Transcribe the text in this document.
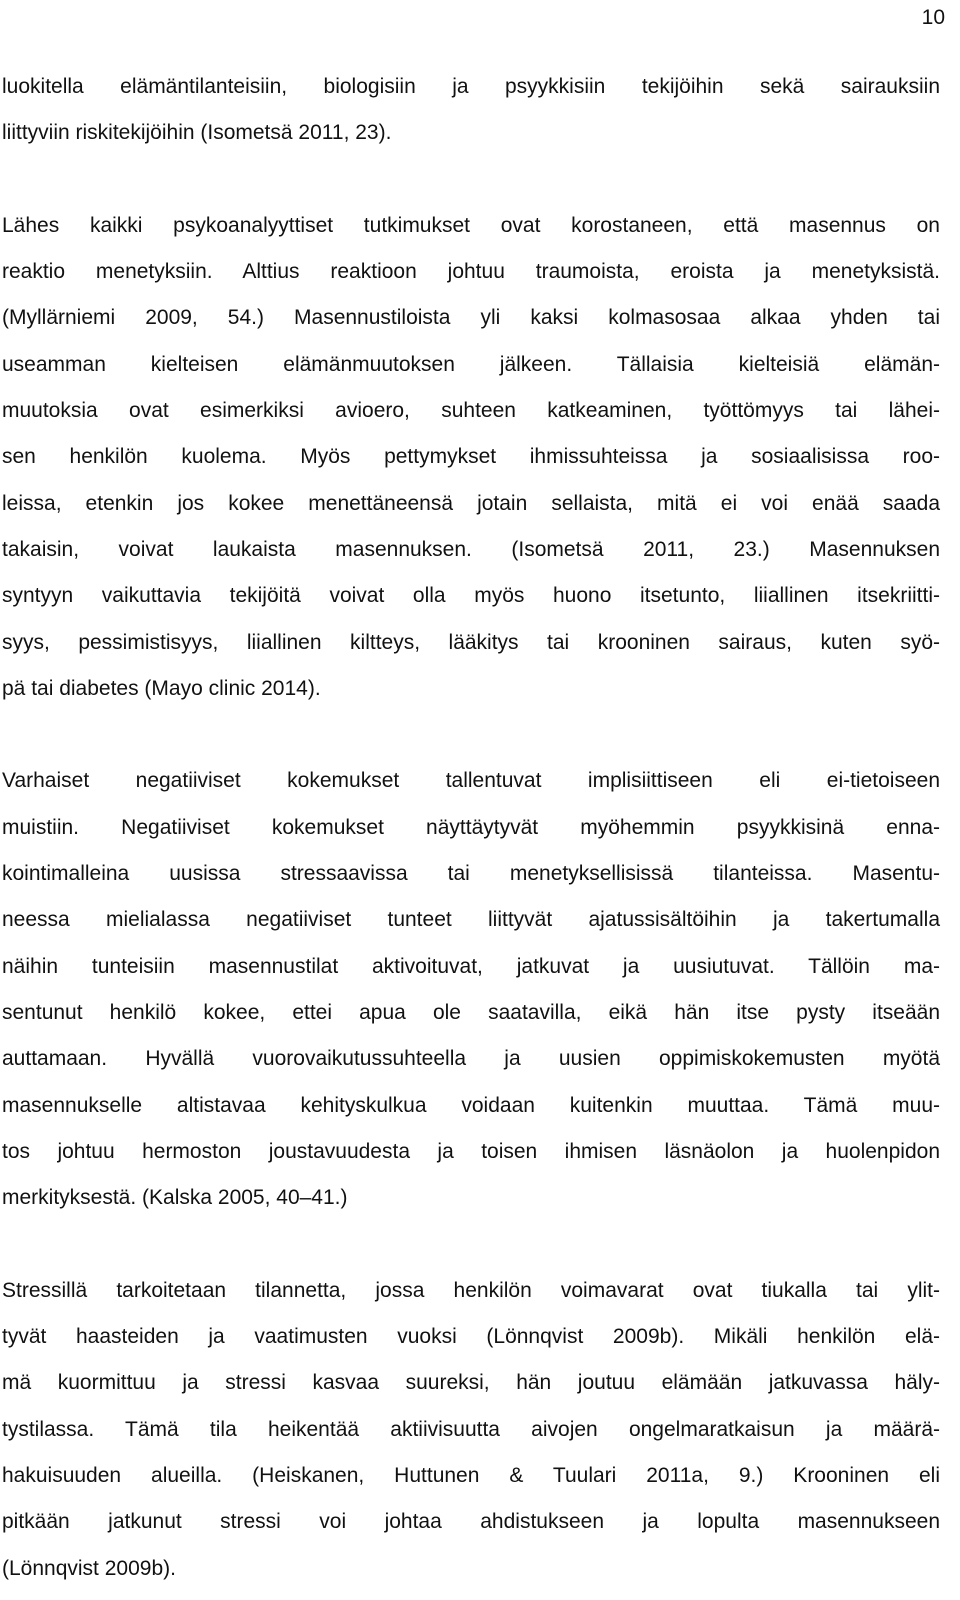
10
luokitella elämäntilanteisiin, biologisiin ja psyykkisiin tekijöihin sekä sairauksiin
liittyviin riskitekijöihin (Isometsä 2011, 23).
Lähes kaikki psykoanalyyttiset tutkimukset ovat korostaneen, että masennus on
reaktio menetyksiin. Alttius reaktioon johtuu traumoista, eroista ja menetyksistä.
(Myllärniemi 2009, 54.) Masennustiloista yli kaksi kolmasosaa alkaa yhden tai
useamman kielteisen elämänmuutoksen jälkeen. Tällaisia kielteisiä elämän-
muutoksia ovat esimerkiksi avioero, suhteen katkeaminen, työttömyys tai lähei-
sen henkilön kuolema. Myös pettymykset ihmissuhteissa ja sosiaalisissa roo-
leissa, etenkin jos kokee menettäneensä jotain sellaista, mitä ei voi enää saada
takaisin, voivat laukaista masennuksen. (Isometsä 2011, 23.) Masennuksen
syntyyn vaikuttavia tekijöitä voivat olla myös huono itsetunto, liiallinen itsekriitti-
syys, pessimistisyys, liiallinen kiltteys, lääkitys tai krooninen sairaus, kuten syö-
pä tai diabetes (Mayo clinic 2014).
Varhaiset negatiiviset kokemukset tallentuvat implisiittiseen eli ei-tietoiseen
muistiin. Negatiiviset kokemukset näyttäytyvät myöhemmin psyykkisinä enna-
kointimalleina uusissa stressaavissa tai menetyksellisissä tilanteissa. Masentu-
neessa mielialassa negatiiviset tunteet liittyvät ajatussisältöihin ja takertumalla
näihin tunteisiin masennustilat aktivoituvat, jatkuvat ja uusiutuvat. Tällöin ma-
sentunut henkilö kokee, ettei apua ole saatavilla, eikä hän itse pysty itseään
auttamaan. Hyvällä vuorovaikutussuhteella ja uusien oppimiskokemusten myötä
masennukselle altistavaa kehityskulkua voidaan kuitenkin muuttaa. Tämä muu-
tos johtuu hermoston joustavuudesta ja toisen ihmisen läsnäolon ja huolenpidon
merkityksestä. (Kalska 2005, 40–41.)
Stressillä tarkoitetaan tilannetta, jossa henkilön voimavarat ovat tiukalla tai ylit-
tyvät haasteiden ja vaatimusten vuoksi (Lönnqvist 2009b). Mikäli henkilön elä-
mä kuormittuu ja stressi kasvaa suureksi, hän joutuu elämään jatkuvassa häly-
tystilassa. Tämä tila heikentää aktiivisuutta aivojen ongelmaratkaisun ja määrä-
hakuisuuden alueilla. (Heiskanen, Huttunen & Tuulari 2011a, 9.) Krooninen eli
pitkään jatkunut stressi voi johtaa ahdistukseen ja lopulta masennukseen
(Lönnqvist 2009b).
